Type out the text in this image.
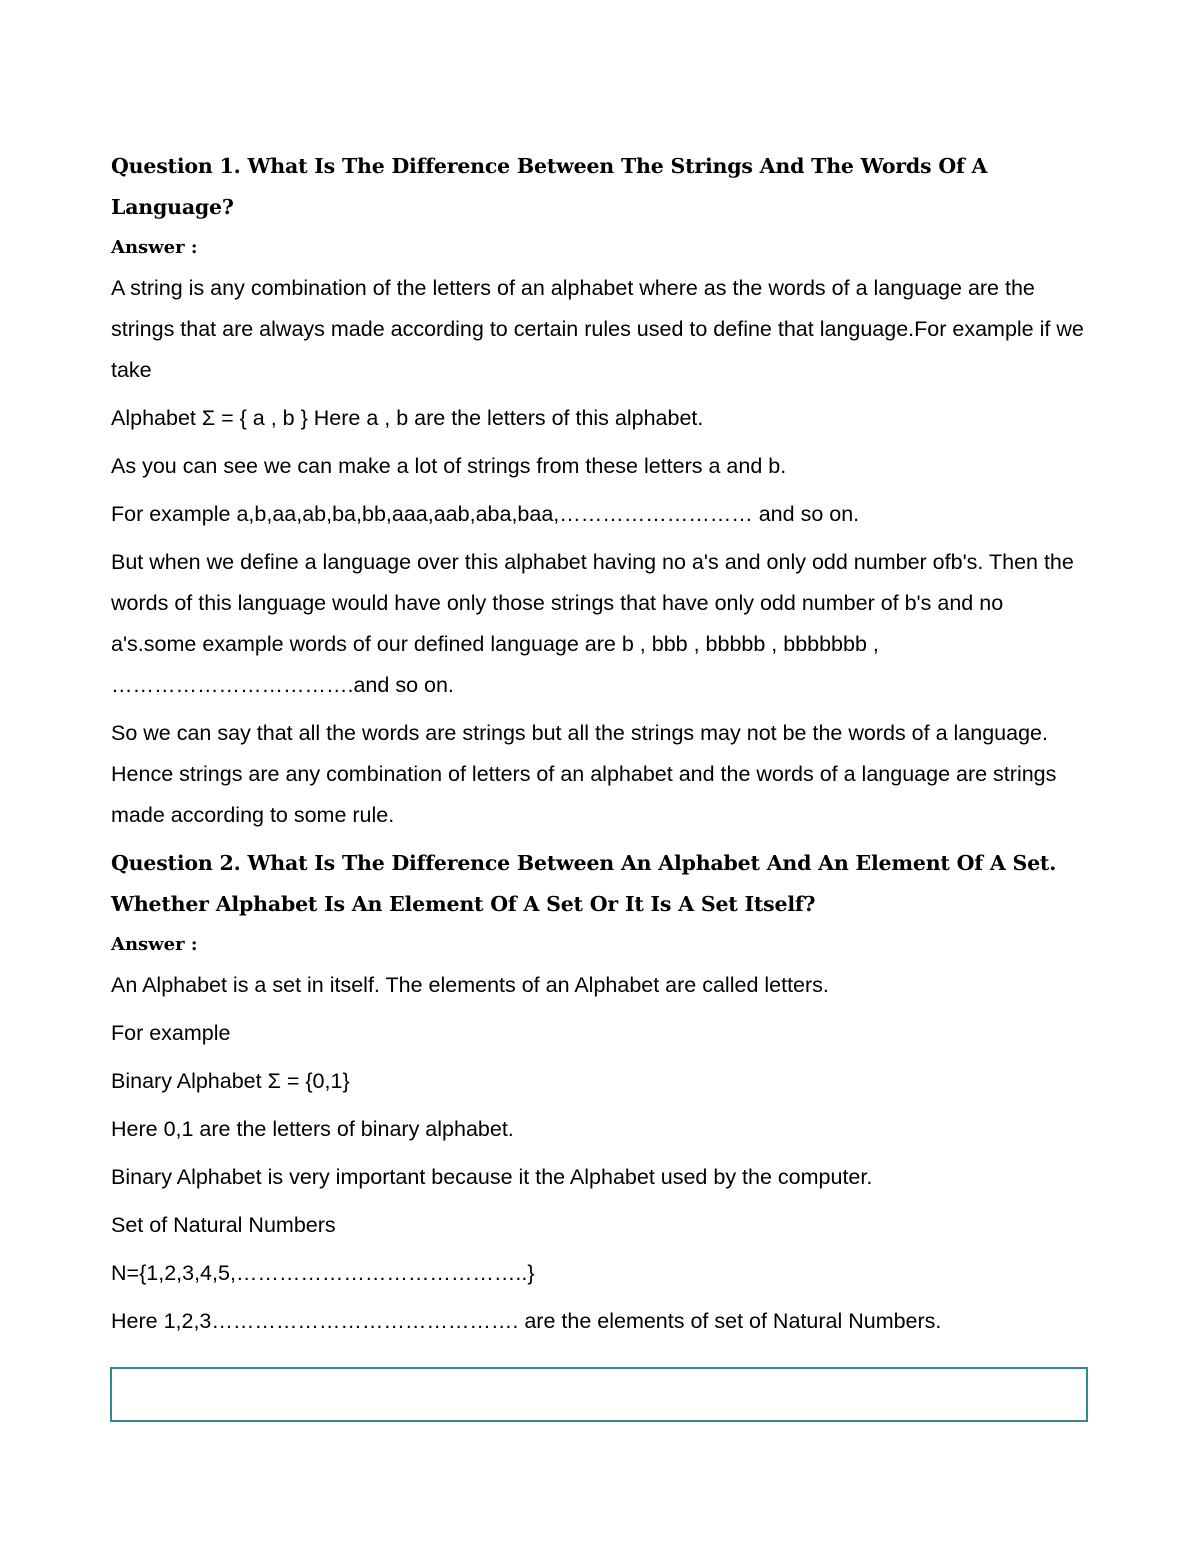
Question 1. What Is The Difference Between The Strings And The Words Of A Language?

Answer :

A string is any combination of the letters of an alphabet where as the words of a language are the strings that are always made according to certain rules used to define that language.For example if we take

Alphabet Σ = { a , b } Here a , b are the letters of this alphabet.

As you can see we can make a lot of strings from these letters a and b.

For example a,b,aa,ab,ba,bb,aaa,aab,aba,baa,……………………… and so on.

But when we define a language over this alphabet having no a's and only odd number ofb's. Then the words of this language would have only those strings that have only odd number of b's and no a's.some example words of our defined language are b , bbb , bbbbb , bbbbbbb , …………………………….and so on.

So we can say that all the words are strings but all the strings may not be the words of a language. Hence strings are any combination of letters of an alphabet and the words of a language are strings made according to some rule.

Question 2. What Is The Difference Between An Alphabet And An Element Of A Set. Whether Alphabet Is An Element Of A Set Or It Is A Set Itself?

Answer :

An Alphabet is a set in itself. The elements of an Alphabet are called letters.

For example

Binary Alphabet Σ = {0,1}

Here 0,1 are the letters of binary alphabet.

Binary Alphabet is very important because it the Alphabet used by the computer.

Set of Natural Numbers

N={1,2,3,4,5,…………………………………..}

Here 1,2,3……………………………………. are the elements of set of Natural Numbers.
